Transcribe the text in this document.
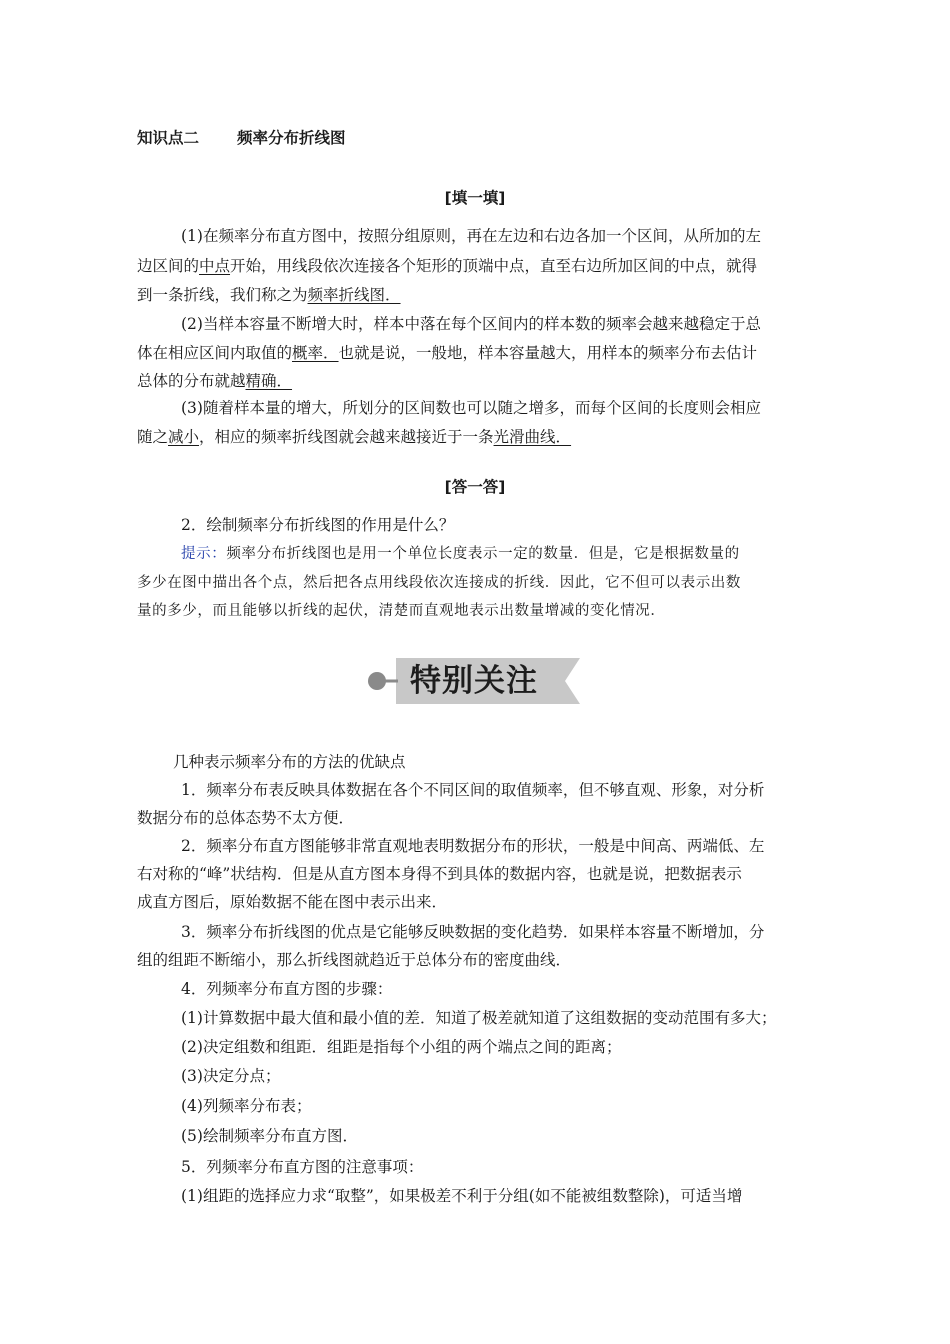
知识点二 频率分布折线图
[填一填]
(1)在频率分布直方图中，按照分组原则，再在左边和右边各加一个区间，从所加的左
边区间的中点开始，用线段依次连接各个矩形的顶端中点，直至右边所加区间的中点，就得
到一条折线，我们称之为频率折线图．
(2)当样本容量不断增大时，样本中落在每个区间内的样本数的频率会越来越稳定于总
体在相应区间内取值的概率．也就是说，一般地，样本容量越大，用样本的频率分布去估计
总体的分布就越精确．
(3)随着样本量的增大，所划分的区间数也可以随之增多，而每个区间的长度则会相应
随之减小，相应的频率折线图就会越来越接近于一条光滑曲线．
[答一答]
2．绘制频率分布折线图的作用是什么？
提示：频率分布折线图也是用一个单位长度表示一定的数量．但是，它是根据数量的
多少在图中描出各个点，然后把各点用线段依次连接成的折线．因此，它不但可以表示出数
量的多少，而且能够以折线的起伏，清楚而直观地表示出数量增减的变化情况．
几种表示频率分布的方法的优缺点
1．频率分布表反映具体数据在各个不同区间的取值频率，但不够直观、形象，对分析
数据分布的总体态势不太方便．
2．频率分布直方图能够非常直观地表明数据分布的形状，一般是中间高、两端低、左
右对称的“峰”状结构．但是从直方图本身得不到具体的数据内容，也就是说，把数据表示
成直方图后，原始数据不能在图中表示出来．
3．频率分布折线图的优点是它能够反映数据的变化趋势．如果样本容量不断增加，分
组的组距不断缩小，那么折线图就趋近于总体分布的密度曲线．
4．列频率分布直方图的步骤：
(1)计算数据中最大值和最小值的差．知道了极差就知道了这组数据的变动范围有多大；
(2)决定组数和组距．组距是指每个小组的两个端点之间的距离；
(3)决定分点；
(4)列频率分布表；
(5)绘制频率分布直方图．
5．列频率分布直方图的注意事项：
(1)组距的选择应力求“取整”，如果极差不利于分组(如不能被组数整除)，可适当增
特别关注
